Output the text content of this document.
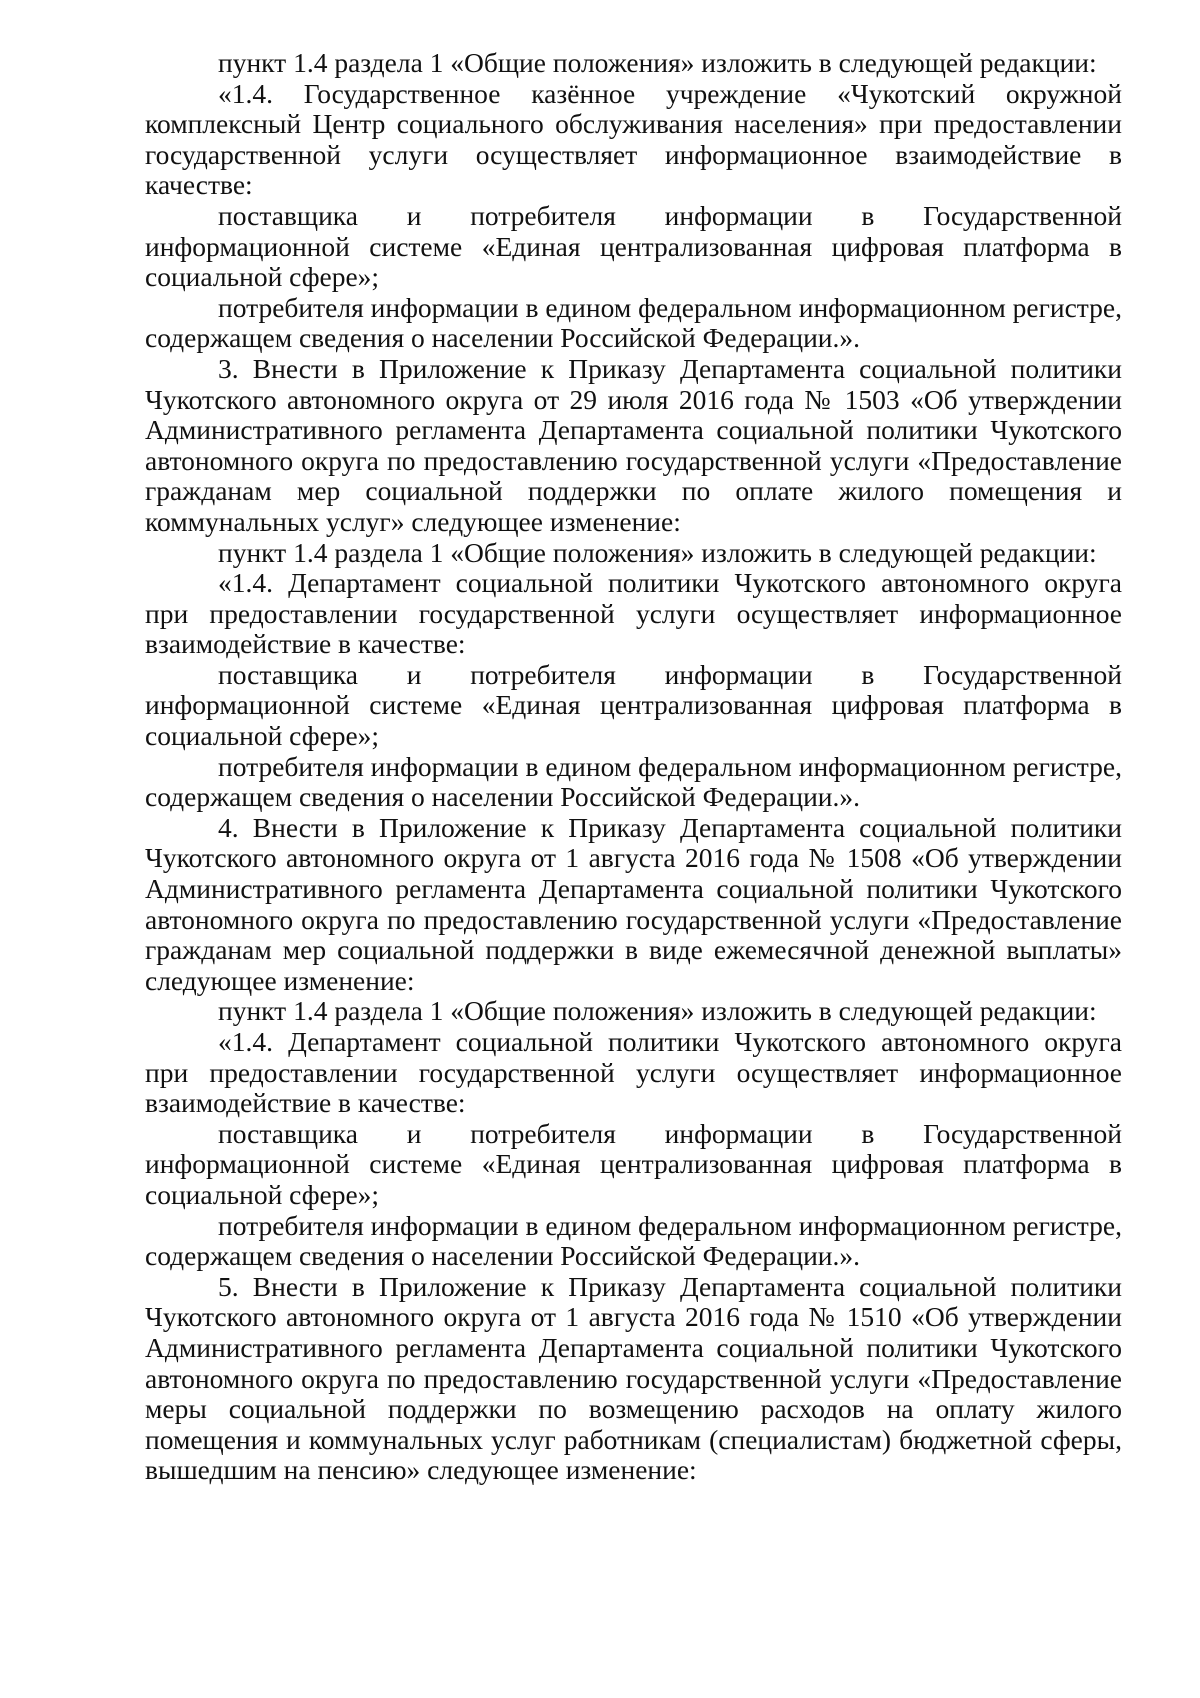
пункт 1.4 раздела 1 «Общие положения» изложить в следующей редакции:

«1.4. Государственное казённое учреждение «Чукотский окружной комплексный Центр социального обслуживания населения» при предоставлении государственной услуги осуществляет информационное взаимодействие в качестве:

поставщика и потребителя информации в Государственной информационной системе «Единая централизованная цифровая платформа в социальной сфере»;

потребителя информации в едином федеральном информационном регистре, содержащем сведения о населении Российской Федерации.».

3. Внести в Приложение к Приказу Департамента социальной политики Чукотского автономного округа от 29 июля 2016 года № 1503 «Об утверждении Административного регламента Департамента социальной политики Чукотского автономного округа по предоставлению государственной услуги «Предоставление гражданам мер социальной поддержки по оплате жилого помещения и коммунальных услуг» следующее изменение:

пункт 1.4 раздела 1 «Общие положения» изложить в следующей редакции:

«1.4. Департамент социальной политики Чукотского автономного округа при предоставлении государственной услуги осуществляет информационное взаимодействие в качестве:

поставщика и потребителя информации в Государственной информационной системе «Единая централизованная цифровая платформа в социальной сфере»;

потребителя информации в едином федеральном информационном регистре, содержащем сведения о населении Российской Федерации.».

4. Внести в Приложение к Приказу Департамента социальной политики Чукотского автономного округа от 1 августа 2016 года № 1508 «Об утверждении Административного регламента Департамента социальной политики Чукотского автономного округа по предоставлению государственной услуги «Предоставление гражданам мер социальной поддержки в виде ежемесячной денежной выплаты» следующее изменение:

пункт 1.4 раздела 1 «Общие положения» изложить в следующей редакции:

«1.4. Департамент социальной политики Чукотского автономного округа при предоставлении государственной услуги осуществляет информационное взаимодействие в качестве:

поставщика и потребителя информации в Государственной информационной системе «Единая централизованная цифровая платформа в социальной сфере»;

потребителя информации в едином федеральном информационном регистре, содержащем сведения о населении Российской Федерации.».

5. Внести в Приложение к Приказу Департамента социальной политики Чукотского автономного округа от 1 августа 2016 года № 1510 «Об утверждении Административного регламента Департамента социальной политики Чукотского автономного округа по предоставлению государственной услуги «Предоставление меры социальной поддержки по возмещению расходов на оплату жилого помещения и коммунальных услуг работникам (специалистам) бюджетной сферы, вышедшим на пенсию» следующее изменение:
